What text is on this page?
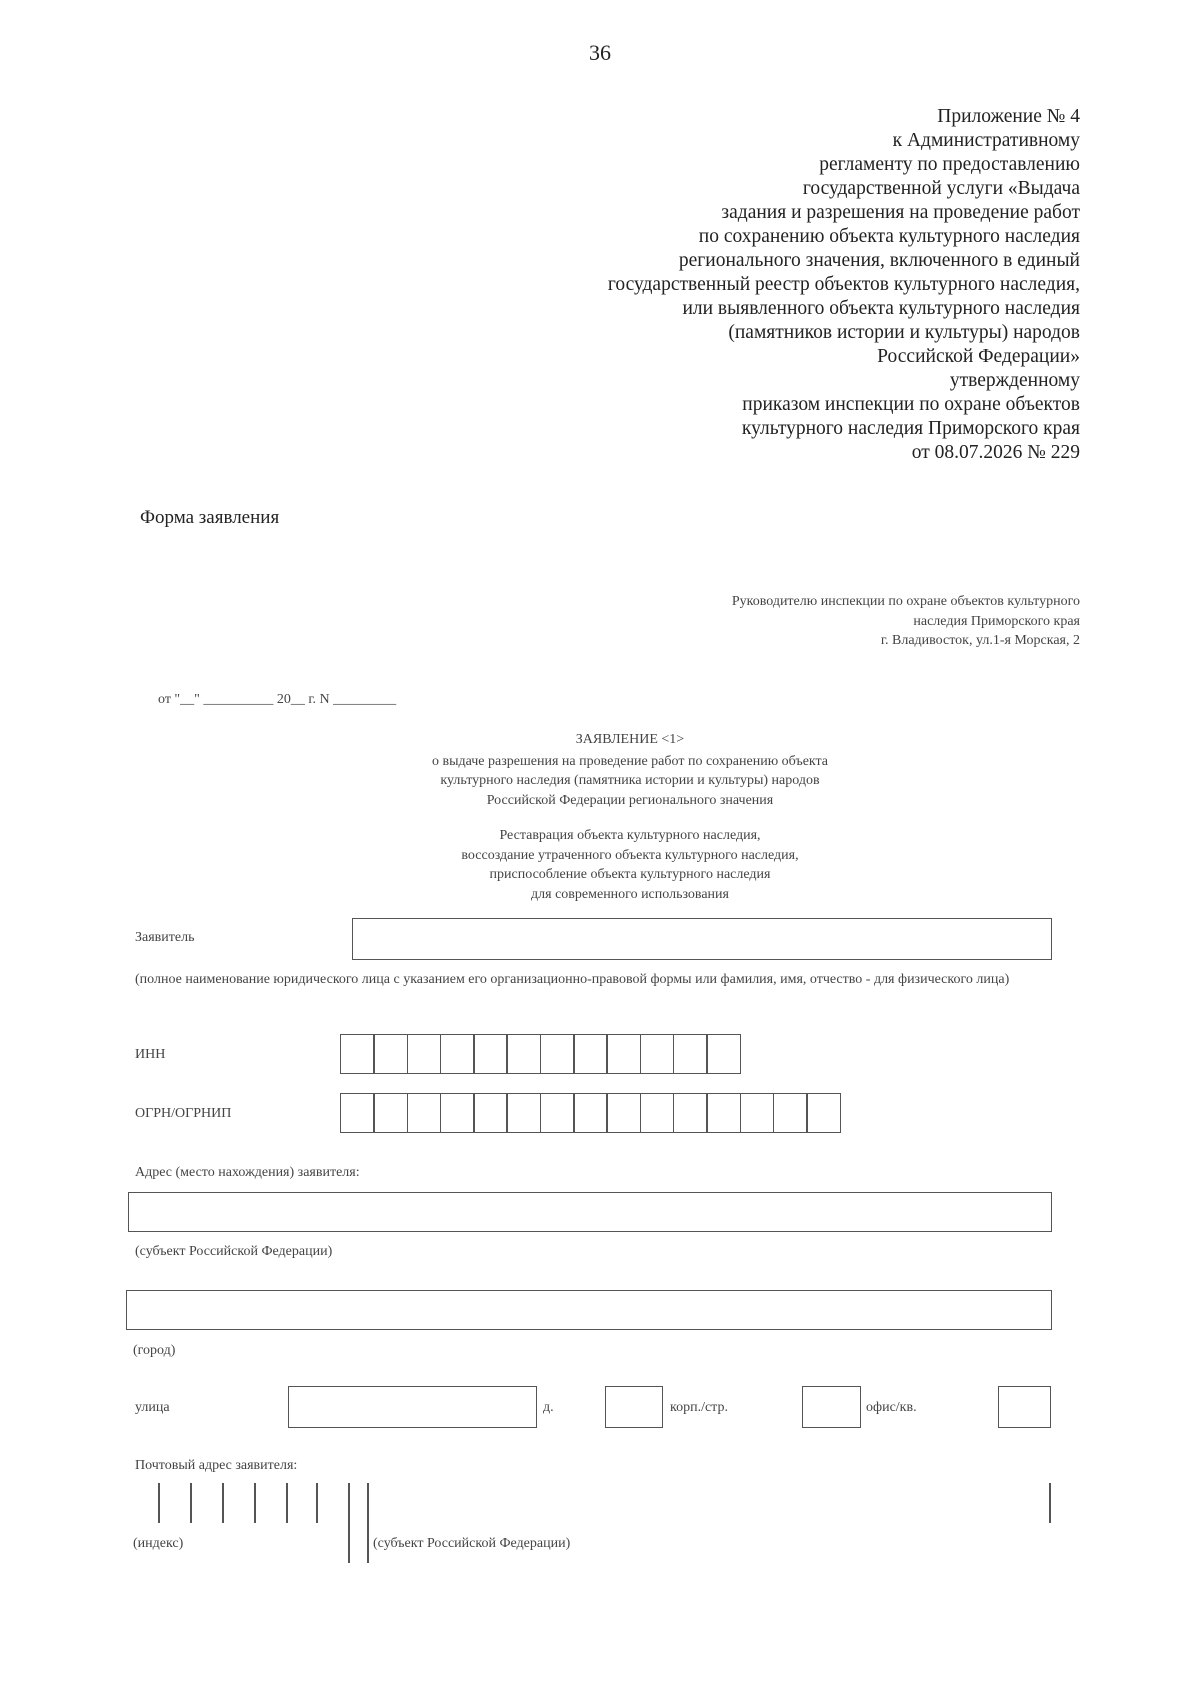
36
Приложение № 4
к Административному
регламенту по предоставлению
государственной услуги «Выдача
задания и разрешения на проведение работ
по сохранению объекта культурного наследия
регионального значения, включенного в единый
государственный реестр объектов культурного наследия,
или выявленного объекта культурного наследия
(памятников истории и культуры) народов
Российской Федерации»
утвержденному
приказом инспекции по охране объектов
культурного наследия Приморского края
от 08.07.2026 № 229
Форма заявления
Руководителю инспекции по охране объектов культурного
наследия Приморского края
г. Владивосток, ул.1-я Морская, 2
от "__" __________ 20__ г. N _________
ЗАЯВЛЕНИЕ <1>
о выдаче разрешения на проведение работ по сохранению объекта
культурного наследия (памятника истории и культуры) народов
Российской Федерации регионального значения
Реставрация объекта культурного наследия,
воссоздание утраченного объекта культурного наследия,
приспособление объекта культурного наследия
для современного использования
Заявитель
(полное наименование юридического лица с указанием его организационно-правовой формы или фамилия, имя, отчество - для физического лица)
ИНН
ОГРН/ОГРНИП
Адрес (место нахождения) заявителя:
(субъект Российской Федерации)
(город)
улица	д.	корп./стр.	офис/кв.
Почтовый адрес заявителя:
(индекс)	(субъект Российской Федерации)
